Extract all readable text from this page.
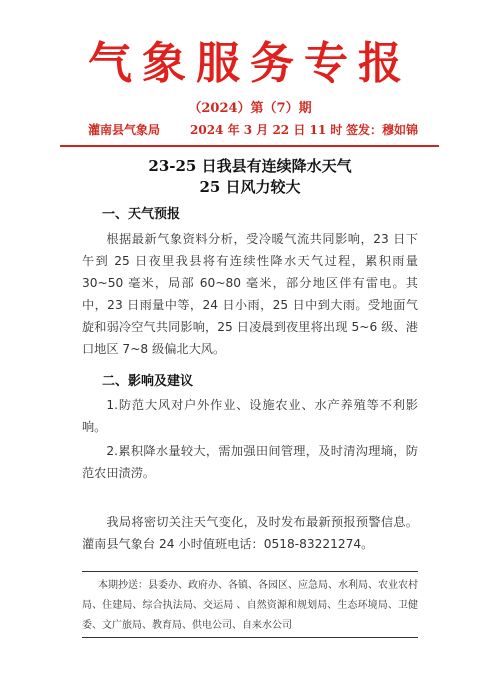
气象服务专报
（2024）第（7）期
灌南县气象局 2024 年 3 月 22 日 11 时 签发：穆如锦
23-25 日我县有连续降水天气
25 日风力较大
一、天气预报
根据最新气象资料分析，受冷暖气流共同影响，23 日下午到 25 日夜里我县将有连续性降水天气过程，累积雨量 30~50 毫米，局部 60~80 毫米，部分地区伴有雷电。其中，23 日雨量中等，24 日小雨，25 日中到大雨。受地面气旋和弱冷空气共同影响，25 日凌晨到夜里将出现 5~6 级、港口地区 7~8 级偏北大风。
二、影响及建议
1.防范大风对户外作业、设施农业、水产养殖等不利影响。
2.累积降水量较大，需加强田间管理，及时清沟理墒，防范农田渍涝。
我局将密切关注天气变化，及时发布最新预报预警信息。灌南县气象台 24 小时值班电话：0518-83221274。
本期抄送：县委办、政府办、各镇、各园区、应急局、水利局、农业农村局、住建局、综合执法局、交运局 、自然资源和规划局、生态环境局、卫健委、文广旅局、教育局、供电公司、自来水公司
